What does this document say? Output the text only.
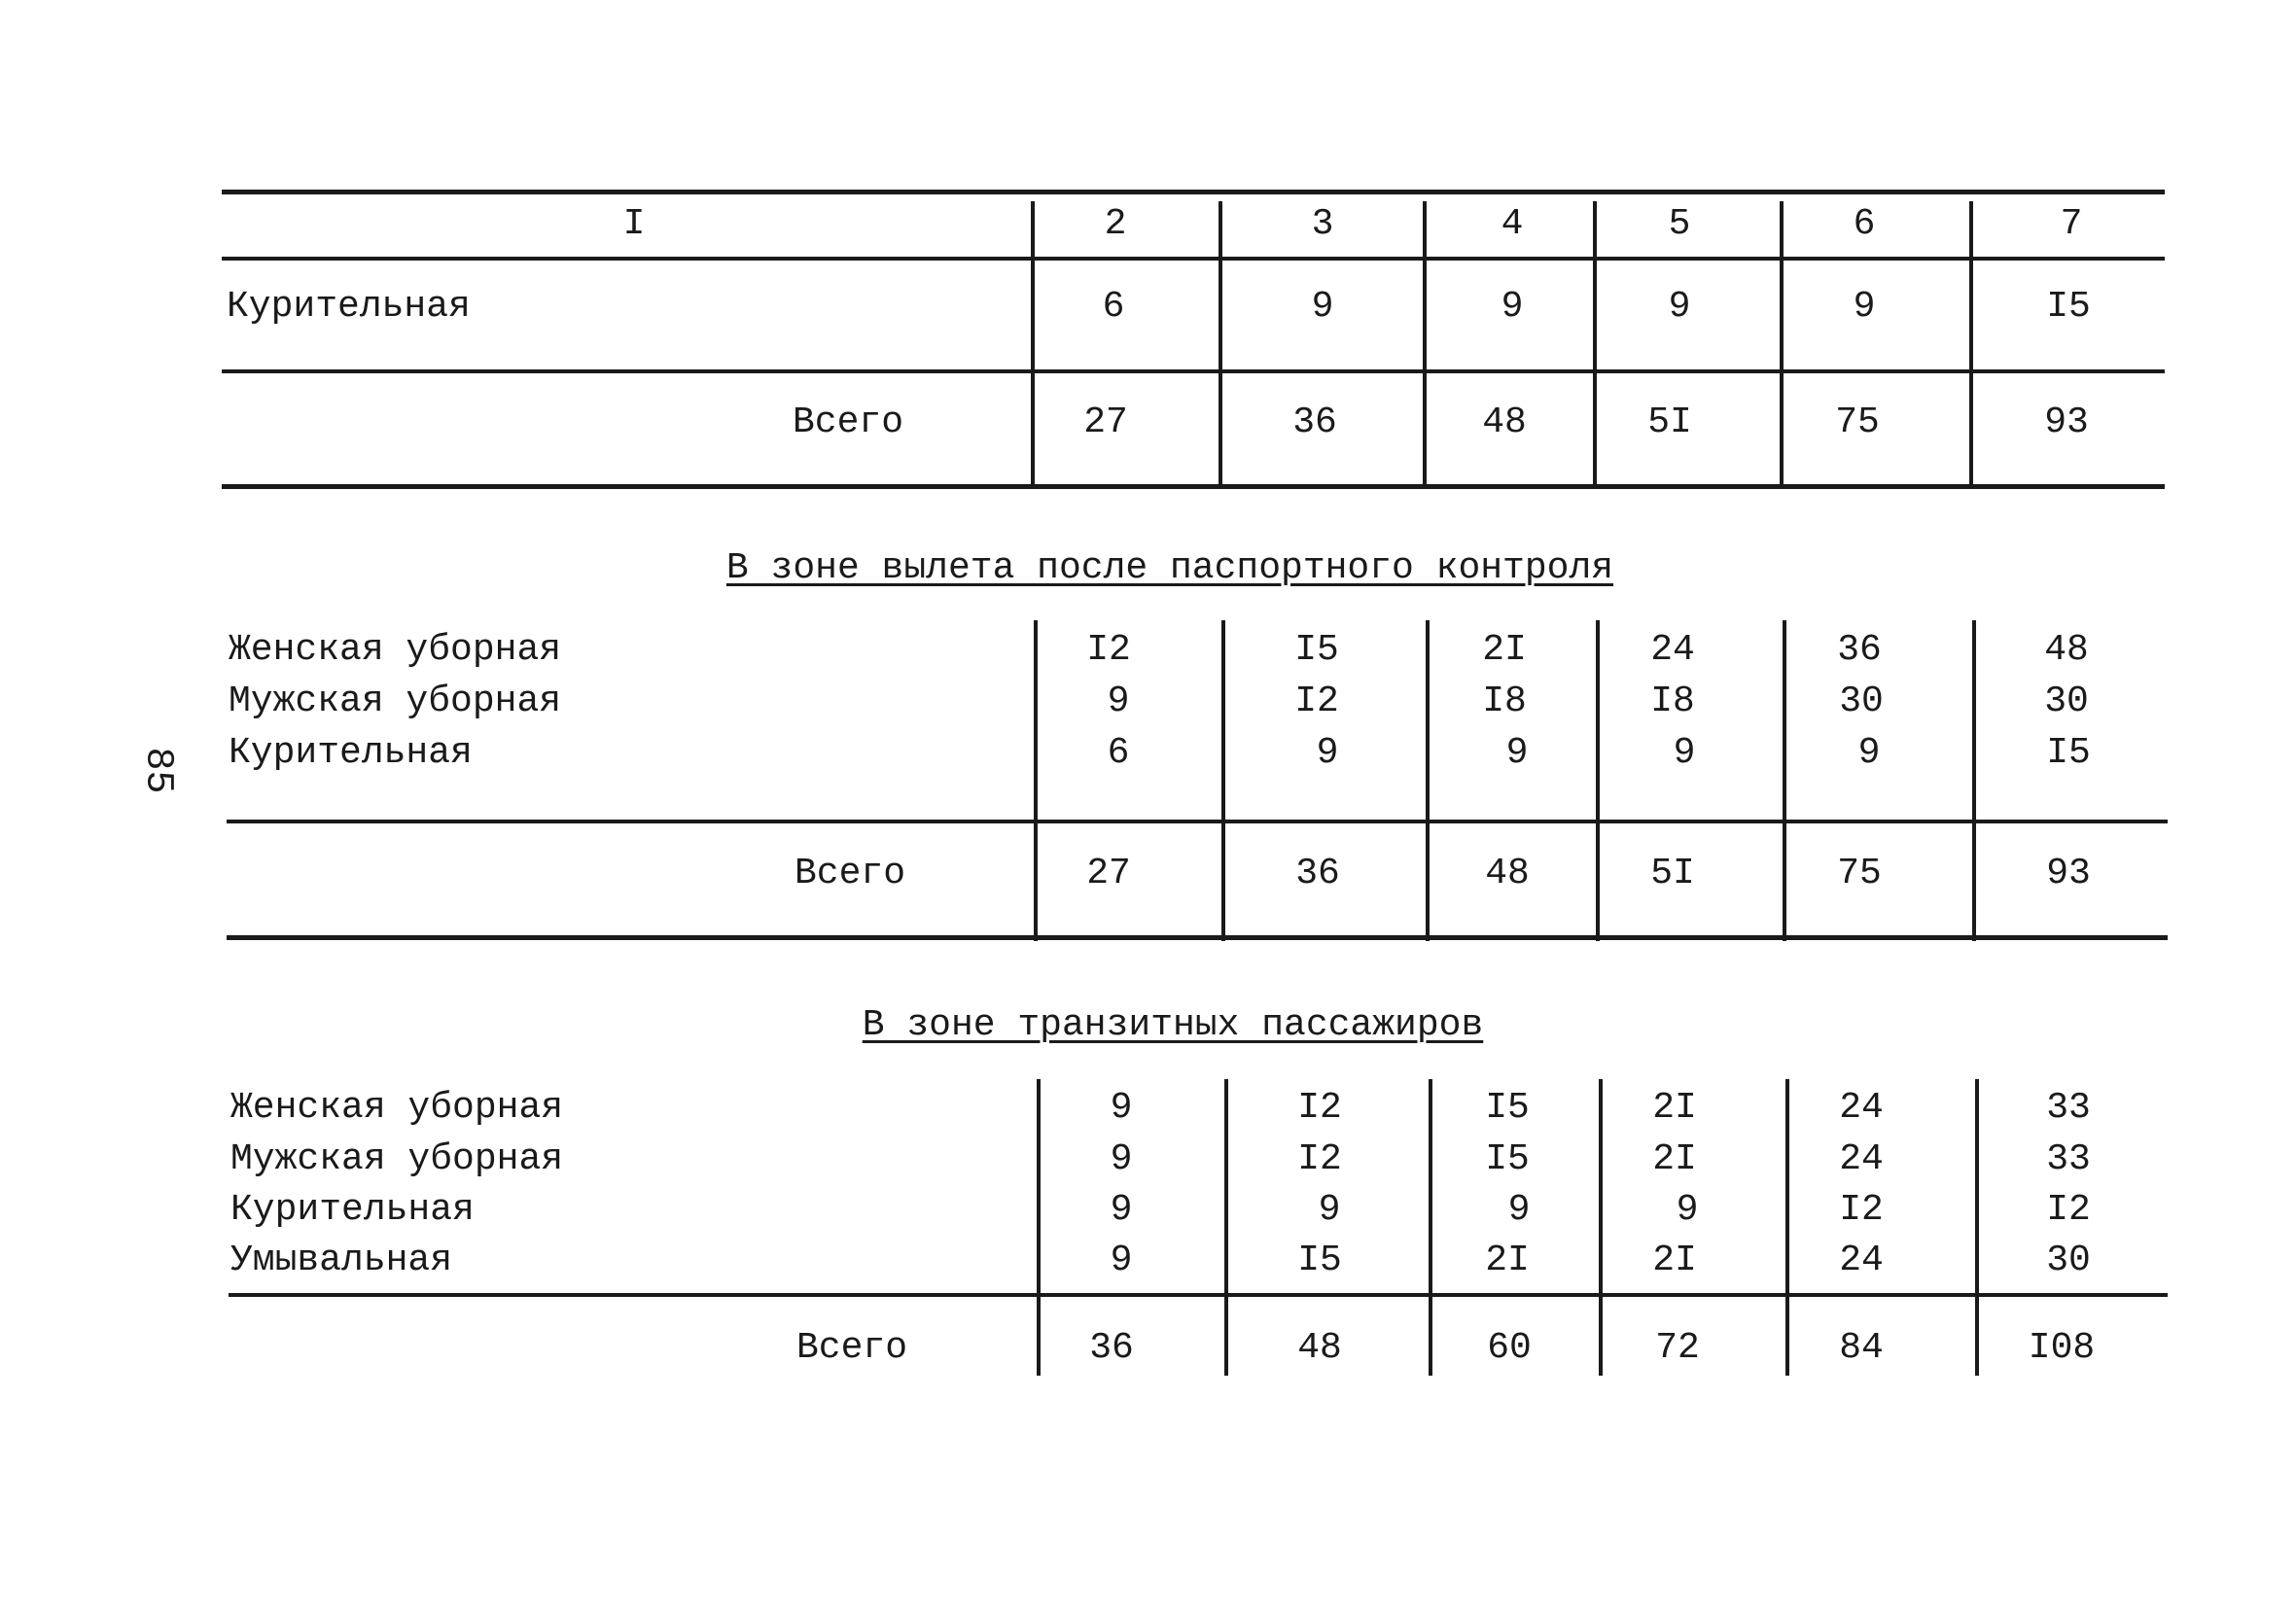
85
I	2	3	4	5	6	7
Курительная	6	9	9	9	9	I5
Всего	27	36	48	5I	75	93
В зоне вылета после паспортного контроля
Женская уборная	I2	I5	2I	24	36	48
Мужская уборная	9	I2	I8	I8	30	30
Курительная	6	9	9	9	9	I5
Всего	27	36	48	5I	75	93
В зоне транзитных пассажиров
Женская уборная	9	I2	I5	2I	24	33
Мужская уборная	9	I2	I5	2I	24	33
Курительная	9	9	9	9	I2	I2
Умывальная	9	I5	2I	2I	24	30
Всего	36	48	60	72	84	I08
